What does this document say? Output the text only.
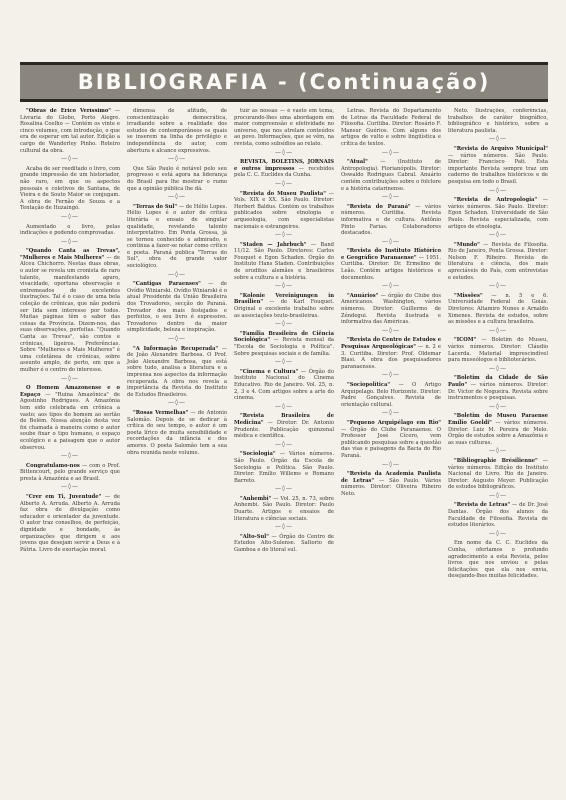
BIBLIOGRAFIA - (Continuação)

"Obras de Erico Veríssimo" — Livraria do Globo, Porto Alegre. Rosalina Coelho — Contém os vinte e cinco volumes, com introdução, o que era de esperar em tal autor. Edição a cargo de Wanderley Pinho. Roteiro cultural da obra.

—◊—

Acaba de ser reeditado o livro, com grande impressão de um historiador, não raro, em que os aspectos pessoais e coletivos de Santana, de Vieira e de Souto Maior se conjugam. A obra de Fernão de Souza e a Tentação de Ituzaingó.

—◊—

Aumentado o livro, pelas indicações e podendo comprovadas.

—◊—

"Quando Canta as Trevas", "Mulheres e Mais Mulheres" — de Alceu Chichorro. Nestas duas obras, o autor se revela um cronista de raro talento, manifestando apuro, vivacidade, oportuna observação e entremeados de excelentes ilustrações. Tal é o caso de uma bela coleção de crônicas, que não poderá ser lida sem interesse por todos. Muitas páginas têm o sabor das coisas da Província. Dizem-nos, das suas observações, perfeitas. "Quando Canta as Trevas", são contos e crônicas, ligeiros. Preferências. Sobre "Mulheres e Mais Mulheres" é uma coletânea de crônicas, sobre assunto amplo, de perto, em que a mulher é o centro do interesse.

—◊—

O Homem Amazonense e o Espaço — "Ruina Amazônica" de Agostinho Rodrigues. A Amazônia tem sido celebrada em crônica a vasto; aos tipos do homem ao sertão de Belém. Nossa atenção desta vez foi chamada à maneira como o autor soube fixar o tipo humano, o espaço ecológico e a paisagem que o autor observou.

—◊—

Congratulamo-nos — com o Prof. Bittencourt, pelo grande serviço que presta à Amazônia e ao Brasil.

—◊—

"Crer em Ti, Juventude" — de Alberto A. Arruda. Alberto A. Arruda faz obra de divulgação como educador e orientador da juventude. O autor traz conselhos, de perfeição, dignidade e bondade, às organizações que dirigem e aos jovens que desejam servir a Deus e à Pátria. Livro de exortação moral.

dimensa de atitude, de conscientização democrática, irradiando sobre a realidade dos estudos de contemporâneos os quais se inserem na linha de privilégio e independência do autor, com abertura e alcance expressivos.

—◊—

Que São Paulo é notável pelo seu progresso e está agora na liderança do Brasil para lhe mostrar o rumo que a opinião pública lhe dá.

—◊—

"Terras do Sul" — de Hélio Lopes. Hélio Lopes é o autor de crítica literária e ensaio de singular qualidade, revelando talento interpretativo. Em Ponta Grossa, já se tornou conhecido e admirado, e continua a fazer-se notar como crítico e poeta. Paraná publica "Terras do Sul", obra de grande valor sociológico.

—◊—

"Cantigas Paraenses" — de Ovídio Winiarski. Ovídio Winiarski é o atual Presidente da União Brasileira dos Trovadores, secção do Paraná. Trovador dos mais festejados e perfeitos, o seu livro é expressivo. Trovadores dentro da maior simplicidade, beleza e inspiração.

—◊—

"A Informação Recuperada" — de João Alexandre Barbosa. O Prof. João Alexandre Barbosa, que está sobre tudo, analisa a literatura e a imprensa nos aspectos da informação recuperada. A obra nos revela a importância da Revista do Instituto de Estudos Brasileiros.

—◊—

"Rosas Vermelhas" — de Antonio Salomão. Depois de se dedicar à crítica do seu tempo, o autor é um poeta lírico de muita sensibilidade e recordações da infância e dos amores. O poeta Salomão tem a sua obra reunida neste volume.

tuir as nossas — é vasto em tema, procurando-lhes uma abordagem em maior compreensão e efetividade no universo, que nos atrelam conteúdos ao povo. Informações, que se vêm, na revista, como subsídios ao relato.

—◊—

REVISTA, BOLETINS, JORNAIS e outros impressos — recebidos pela C. C. Euclides da Cunha.

—◊—

"Revista do Museu Paulista" — Vols. XIX e XX. São Paulo. Diretor: Herbert Baldus. Contém os trabalhos publicados sobre etnologia e arqueologia, com especialistas nacionais e estrangeiros.

—◊—

"Staden — Jahrbuch" — Band 11/12. São Paulo. Diretores: Carlos Fouquet e Egon Schaden. Órgão do Instituto Hans Staden. Contribuições de eruditos alemães e brasileiros sobre a cultura e a história.

—◊—

"Kolonie Vereinigungen in Brasilien" — de Karl Fouquet. Original e excelente trabalho sobre as associações teuto-brasileiras.

—◊—

"Família Brasileira de Ciência Sociológica" — Revista mensal da "Escola de Sociologia e Política". Sobre pesquisas sociais e de família.

—◊—

"Cinema e Cultura" — Órgão do Instituto Nacional do Cinema Educativo. Rio de Janeiro. Vol. 25, n. 2, 3 e 4. Com artigos sobre a arte do cinema.

—◊—

"Revista Brasileira de Medicina" — Diretor: Dr. Antonio Prudente. Publicação quinzenal médica e científica.

—◊—

"Sociologia" — Vários números. São Paulo. Órgão da Escola de Sociologia e Política. São Paulo. Diretor: Emílio Willems e Romano Barreto.

—◊—

"Anhembi" — Vol. 25, n. 73, sobre Anhembi. São Paulo. Diretor: Paulo Duarte. Artigos e ensaios de literatura e ciências sociais.

—◊—

"Alto-Sul" — Órgão do Centro de Estudos Alto-Sulense. Saltorio de Gamboa e do litoral sul.

Letras. Revista do Departamento de Letras da Faculdade Federal de Filosofia. Curitiba. Diretor: Rosário F. Mansur Guérios. Com alguns dos artigos de vulto e sobre lingüística e crítica de textos.

—◊—

"Atual" — (Instituto de Antropologia). Florianópolis. Diretor: Oswaldo Rodrigues Cabral. Anuário contém contribuições sobre o folclore e a história catarinense.

—◊—

"Revista do Paraná" — vários números. Curitiba. Revista informativa e de cultura. Antônio Pinto Farias. Colaboradores destacados.

—◊—

"Revista do Instituto Histórico e Geográfico Paranaense" — 1951. Curitiba. Diretor: Dr. Ermelino de Leão. Contém artigos históricos e documentos.

—◊—

"Anuários" — órgão do Clube dos Americanos. Washington, vários números. Diretor: Guillermo de Zéndegui. Revista ilustrada e informativa das Américas.

—◊—

"Revista do Centro de Estudos e Pesquisas Arqueológicas" — n. 2 e 3. Curitiba. Diretor: Prof. Oldemar Blasi. A obra dos pesquisadores paranaenses.

—◊—

"Sociopolítica" — O Artigo Arquipelago. Belo Horizonte. Diretor: Padre Gonçalves. Revista de orientação cultural.

—◊—

"Pequeno Arquipélago em Rio" — Órgão do Clube Paranaense. O Professor José Cícero, vem publicando pesquisas sobre a questão das vias e paisagens da Bacia do Rio Paraná.

—◊—

"Revista da Academia Paulista de Letras" — São Paulo. Vários números. Diretor: Oliveira Ribeiro Neto.

Neto. Ilustrações, conferências, trabalhos de caráter biográfico, bibliográfico e histórico, sobre a literatura paulista.

—◊—

"Revista do Arquivo Municipal" — vários números. São Paulo. Diretor: Francisco Pati. Esta importante Revista sempre traz um caderno de trabalhos históricos e de pesquisa em todo o Brasil.

—◊—

"Revista de Antropologia" — vários números. São Paulo. Diretor: Egon Schaden. Universidade de São Paulo. Revista especializada, com artigos de etnologia.

—◊—

"Mundo" — Revista de Filosofia. Rio de Janeiro, Ponta Grossa. Diretor: Nelson F. Ribeiro. Revista de literatura e ciência, dos mais apreciáveis do País, com entrevistas e estudos.

—◊—

"Missões" — n. 5 e 6. Universidade Federal de Goiás. Diretores: Altamiro Nunes e Arnaldo Ximenes. Revista de estudos, sobre as missões e a cultura brasileira.

—◊—

"ICOM" — Boletim do Museu, vários números. Diretor: Cláudio Lacerda. Material imprescindível para museólogos e bibliotecários.

—◊—

"Boletim da Cidade de São Paulo" — vários números. Diretor: Dr. Victor de Nogueira. Revista sobre instrumentos e pesquisas.

—◊—

"Boletim do Museu Paraense Emílio Goeldi" — vários números. Diretor: Luiz M. Pereira de Melo. Órgão de estudos sobre a Amazônia e as suas culturas.

—◊—

"Bibliographie Brésilienne" — vários números. Edição do Instituto Nacional do Livro. Rio de Janeiro. Diretor: Augusto Meyer. Publicação de estudos bibliográficos.

—◊—

"Revista de Letras" — de Dr. José Dantas. Órgão dos alunos da Faculdade de Filosofia. Revista de estudos literários.

—◊—

Em nome da C. C. Euclides da Cunha, ofertamos o profundo agradecimento a esta Revista, pelos livros que nos enviou e pelas felicitações que ela nos envia, desejando-lhes muitas felicidades.
